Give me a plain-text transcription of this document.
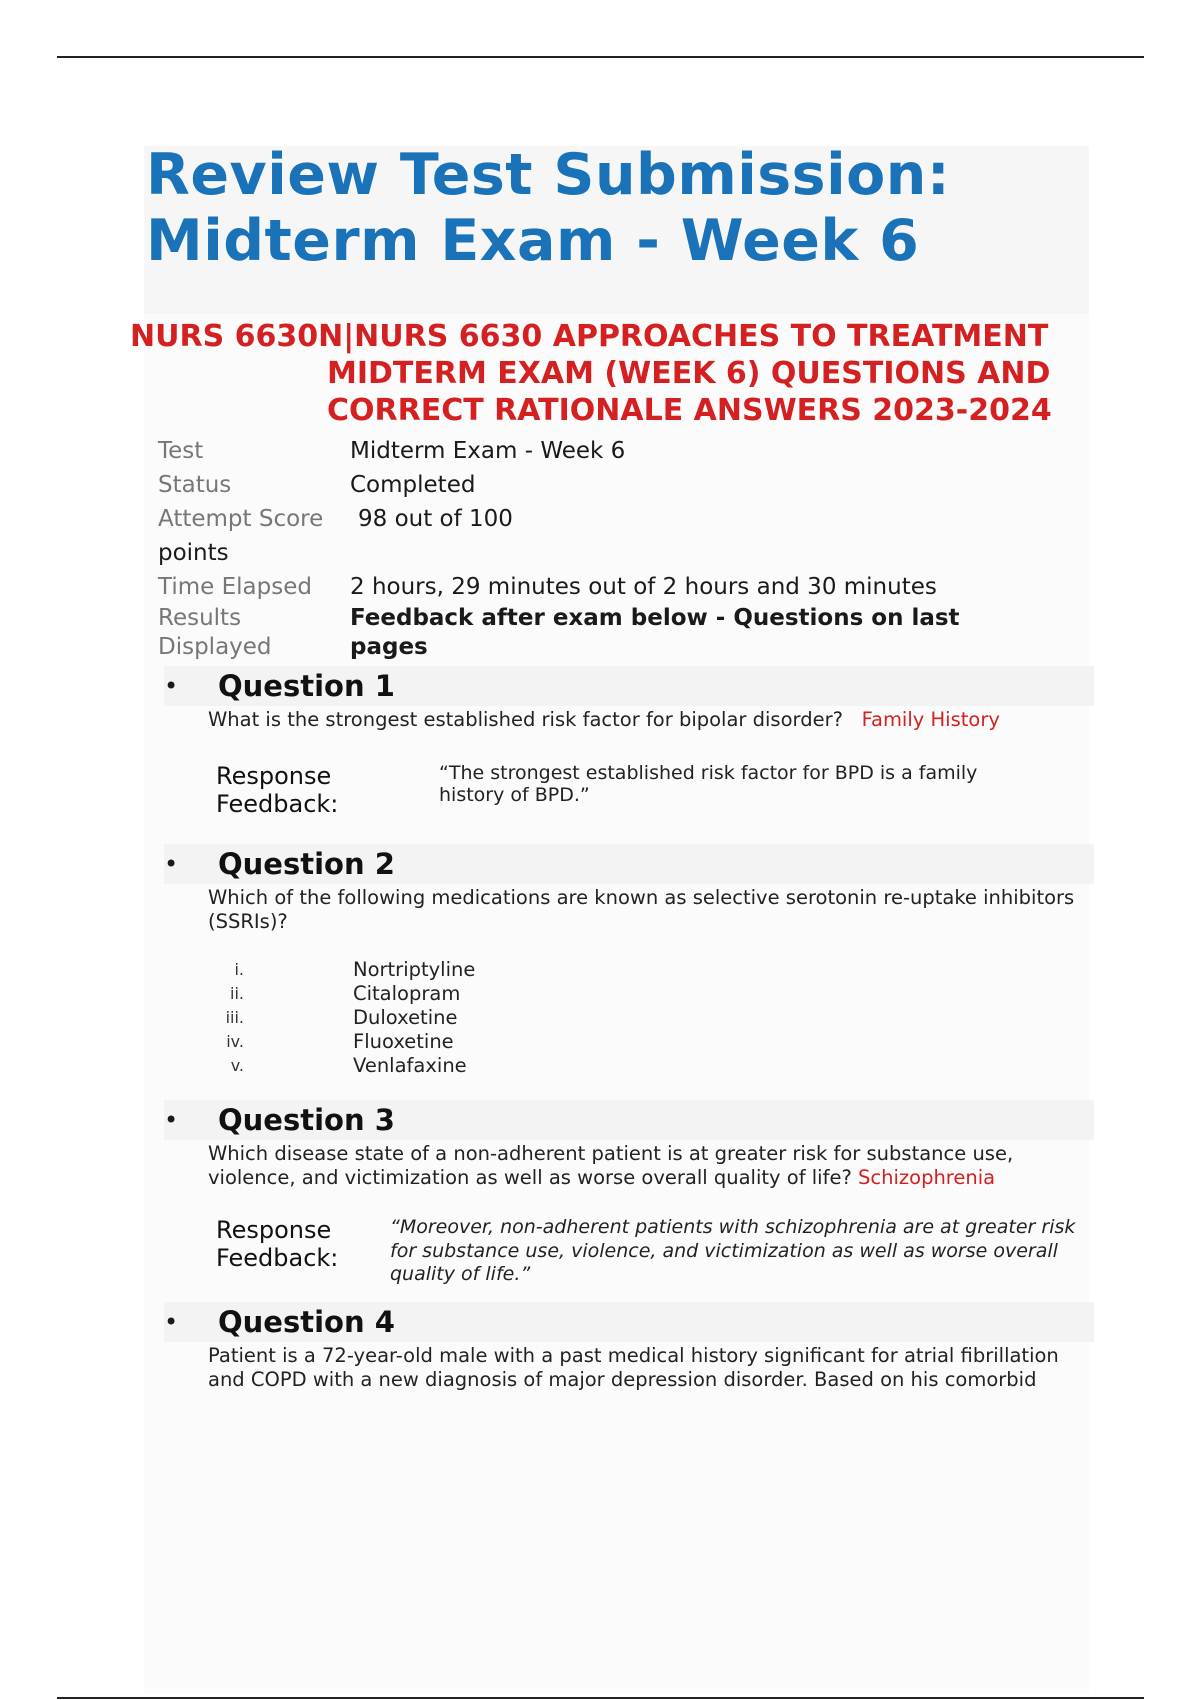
Review Test Submission:
Midterm Exam - Week 6
NURS 6630N|NURS 6630 APPROACHES TO TREATMENT
MIDTERM EXAM (WEEK 6) QUESTIONS AND
CORRECT RATIONALE ANSWERS 2023-2024
Test	Midterm Exam - Week 6
Status	Completed
Attempt Score 98 out of 100
points
Time Elapsed 2 hours, 29 minutes out of 2 hours and 30 minutes
Results
Displayed
Feedback after exam below - Questions on last pages
• Question 1
What is the strongest established risk factor for bipolar disorder? Family History
Response Feedback:
“The strongest established risk factor for BPD is a family history of BPD.”
• Question 2
Which of the following medications are known as selective serotonin re-uptake inhibitors (SSRIs)?
i.	Nortriptyline
ii.	Citalopram
iii.	Duloxetine
iv.	Fluoxetine
v.	Venlafaxine
• Question 3
Which disease state of a non-adherent patient is at greater risk for substance use, violence, and victimization as well as worse overall quality of life? Schizophrenia
Response Feedback:
“Moreover, non-adherent patients with schizophrenia are at greater risk for substance use, violence, and victimization as well as worse overall quality of life.”
• Question 4
Patient is a 72-year-old male with a past medical history significant for atrial fibrillation and COPD with a new diagnosis of major depression disorder. Based on his comorbid
